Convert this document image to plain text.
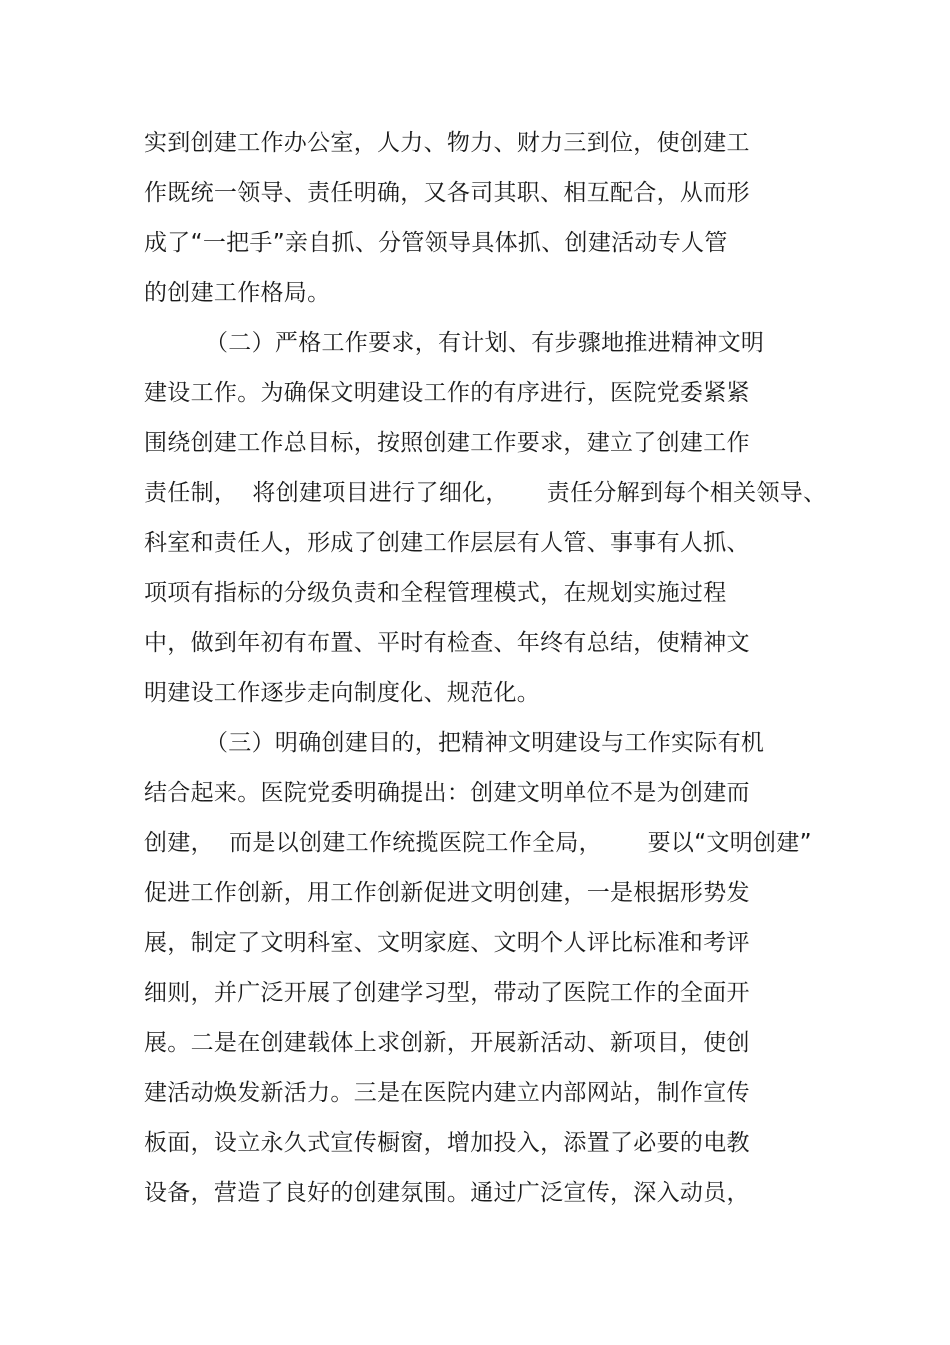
实到创建工作办公室，人力、物力、财力三到位，使创建工
作既统一领导、责任明确，又各司其职、相互配合，从而形
成了“一把手”亲自抓、分管领导具体抓、创建活动专人管
的创建工作格局。
（二）严格工作要求，有计划、有步骤地推进精神文明
建设工作。为确保文明建设工作的有序进行，医院党委紧紧
围绕创建工作总目标，按照创建工作要求，建立了创建工作
责任制，  将创建项目进行了细化，     责任分解到每个相关领导、
科室和责任人，形成了创建工作层层有人管、事事有人抓、
项项有指标的分级负责和全程管理模式，在规划实施过程
中，做到年初有布置、平时有检查、年终有总结，使精神文
明建设工作逐步走向制度化、规范化。
（三）明确创建目的，把精神文明建设与工作实际有机
结合起来。医院党委明确提出：创建文明单位不是为创建而
创建，  而是以创建工作统揽医院工作全局，      要以“文明创建”
促进工作创新，用工作创新促进文明创建，一是根据形势发
展，制定了文明科室、文明家庭、文明个人评比标准和考评
细则，并广泛开展了创建学习型，带动了医院工作的全面开
展。二是在创建载体上求创新，开展新活动、新项目，使创
建活动焕发新活力。三是在医院内建立内部网站，制作宣传
板面，设立永久式宣传橱窗，增加投入，添置了必要的电教
设备，营造了良好的创建氛围。通过广泛宣传，深入动员，
